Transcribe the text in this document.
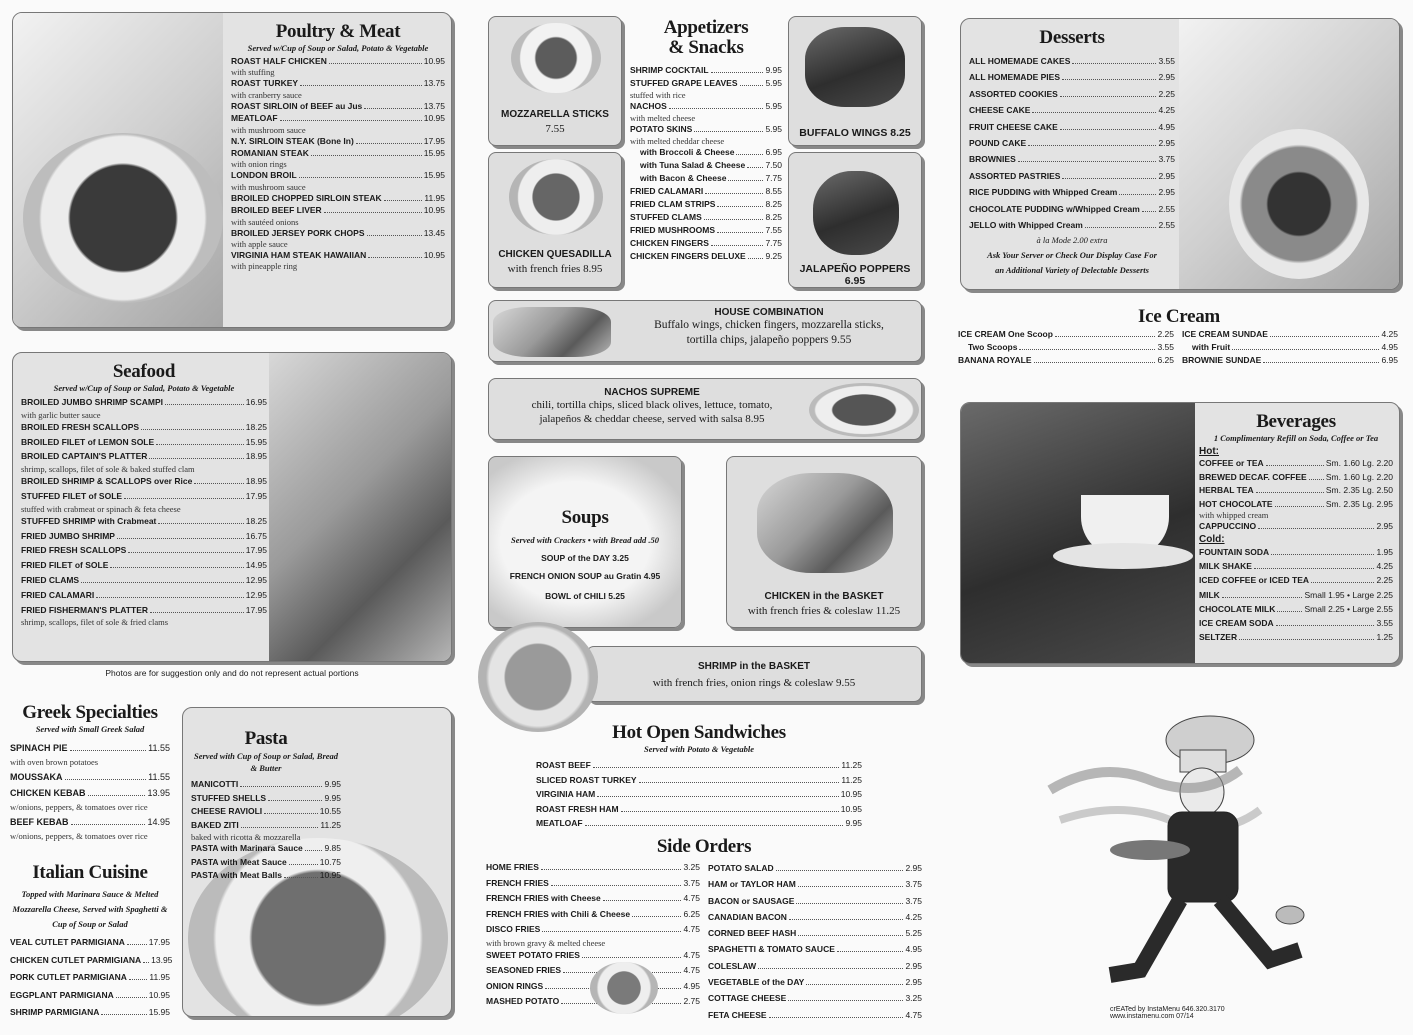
Poultry & Meat
Served w/Cup of Soup or Salad, Potato & Vegetable
ROAST HALF CHICKEN	10.95
with stuffing
ROAST TURKEY	13.75
with cranberry sauce
ROAST SIRLOIN of BEEF au Jus	13.75
MEATLOAF	10.95
with mushroom sauce
N.Y. SIRLOIN STEAK (Bone In)	17.95
ROMANIAN STEAK	15.95
with onion rings
LONDON BROIL	15.95
with mushroom sauce
BROILED CHOPPED SIRLOIN STEAK	11.95
BROILED BEEF LIVER	10.95
with sautéed onions
BROILED JERSEY PORK CHOPS	13.45
with apple sauce
VIRGINIA HAM STEAK HAWAIIAN	10.95
with pineapple ring
Seafood
Served w/Cup of Soup or Salad, Potato & Vegetable
BROILED JUMBO SHRIMP SCAMPI	16.95
with garlic butter sauce
BROILED FRESH SCALLOPS	18.25
BROILED FILET of LEMON SOLE	15.95
BROILED CAPTAIN'S PLATTER	18.95
shrimp, scallops, filet of sole & baked stuffed clam
BROILED SHRIMP & SCALLOPS over Rice	18.95
STUFFED FILET of SOLE	17.95
stuffed with crabmeat or spinach & feta cheese
STUFFED SHRIMP with Crabmeat	18.25
FRIED JUMBO SHRIMP	16.75
FRIED FRESH SCALLOPS	17.95
FRIED FILET of SOLE	14.95
FRIED CLAMS	12.95
FRIED CALAMARI	12.95
FRIED FISHERMAN'S PLATTER	17.95
shrimp, scallops, filet of sole & fried clams
Photos are for suggestion only and do not represent actual portions
Greek Specialties
Served with Small Greek Salad
SPINACH PIE	11.55
with oven brown potatoes
MOUSSAKA	11.55
CHICKEN KEBAB	13.95
w/onions, peppers, & tomatoes over rice
BEEF KEBAB	14.95
w/onions, peppers, & tomatoes over rice
Italian Cuisine
Topped with Marinara Sauce & Melted Mozzarella Cheese, Served with Spaghetti & Cup of Soup or Salad
VEAL CUTLET PARMIGIANA	17.95
CHICKEN CUTLET PARMIGIANA 13.95
PORK CUTLET PARMIGIANA	11.95
EGGPLANT PARMIGIANA	10.95
SHRIMP PARMIGIANA	15.95
Pasta
Served with Cup of Soup or Salad, Bread & Butter
MANICOTTI	9.95
STUFFED SHELLS	9.95
CHEESE RAVIOLI	10.55
BAKED ZITI	11.25
baked with ricotta & mozzarella
PASTA with Marinara Sauce	9.85
PASTA with Meat Sauce	10.75
PASTA with Meat Balls	10.95
MOZZARELLA STICKS
7.55
CHICKEN QUESADILLA
with french fries 8.95
Appetizers
& Snacks
SHRIMP COCKTAIL	9.95
STUFFED GRAPE LEAVES	5.95
stuffed with rice
NACHOS	5.95
with melted cheese
POTATO SKINS	5.95
with melted cheddar cheese
with Broccoli & Cheese	6.95
with Tuna Salad & Cheese 7.50
with Bacon & Cheese	7.75
FRIED CALAMARI	8.55
FRIED CLAM STRIPS	8.25
STUFFED CLAMS	8.25
FRIED MUSHROOMS	7.55
CHICKEN FINGERS	7.75
CHICKEN FINGERS DELUXE 9.25
BUFFALO WINGS 8.25
JALAPEÑO POPPERS 6.95
HOUSE COMBINATION
Buffalo wings, chicken fingers, mozzarella sticks,
tortilla chips, jalapeño poppers 9.55
NACHOS SUPREME
chili, tortilla chips, sliced black olives, lettuce, tomato,
jalapeños & cheddar cheese, served with salsa 8.95
Soups
Served with Crackers • with Bread add .50
SOUP of the DAY 3.25
FRENCH ONION SOUP au Gratin 4.95
BOWL of CHILI 5.25	CHICKEN in the BASKET
with french fries & coleslaw 11.25
SHRIMP in the BASKET
with french fries, onion rings & coleslaw 9.55
Hot Open Sandwiches
Served with Potato & Vegetable
ROAST BEEF	11.25
SLICED ROAST TURKEY	11.25
VIRGINIA HAM	10.95
ROAST FRESH HAM	10.95
MEATLOAF	9.95
Side Orders
HOME FRIES	3.25
FRENCH FRIES	3.75
FRENCH FRIES with Cheese	4.75
FRENCH FRIES with Chili & Cheese	6.25
DISCO FRIES	4.75
with brown gravy & melted cheese
SWEET POTATO FRIES	4.75
SEASONED FRIES	4.75
ONION RINGS	4.95
MASHED POTATO	2.75
POTATO SALAD	2.95
HAM or TAYLOR HAM	3.75
BACON or SAUSAGE	3.75
CANADIAN BACON	4.25
CORNED BEEF HASH	5.25
SPAGHETTI & TOMATO SAUCE	4.95
COLESLAW	2.95
VEGETABLE of the DAY	2.95
COTTAGE CHEESE	3.25
FETA CHEESE	4.75
Desserts
ALL HOMEMADE CAKES	3.55
ALL HOMEMADE PIES	2.95
ASSORTED COOKIES	2.25
CHEESE CAKE	4.25
FRUIT CHEESE CAKE	4.95
POUND CAKE	2.95
BROWNIES	3.75
ASSORTED PASTRIES	2.95
RICE PUDDING with Whipped Cream	2.95
CHOCOLATE PUDDING w/Whipped Cream 2.55
JELLO with Whipped Cream	2.55
à la Mode 2.00 extra
Ask Your Server or Check Our Display Case For
an Additional Variety of Delectable Desserts
Ice Cream
ICE CREAM One Scoop	2.25
Two Scoops	3.55
BANANA ROYALE	6.25
ICE CREAM SUNDAE	4.25
with Fruit	4.95
BROWNIE SUNDAE	6.95
Beverages
1 Complimentary Refill on Soda, Coffee or Tea
Hot:
COFFEE or TEA	Sm. 1.60 Lg. 2.20
BREWED DECAF. COFFEE Sm. 1.60 Lg. 2.20
HERBAL TEA	Sm. 2.35 Lg. 2.50
HOT CHOCOLATE	Sm. 2.35 Lg. 2.95
with whipped cream
CAPPUCCINO	2.95
Cold:
FOUNTAIN SODA	1.95
MILK SHAKE	4.25
ICED COFFEE or ICED TEA	2.25
MILK	Small 1.95 • Large 2.25
CHOCOLATE MILK	Small 2.25 • Large 2.55
ICE CREAM SODA	3.55
SELTZER	1.25
crEATed by InstaMenu 646.320.3170
www.instamenu.com 07/14
